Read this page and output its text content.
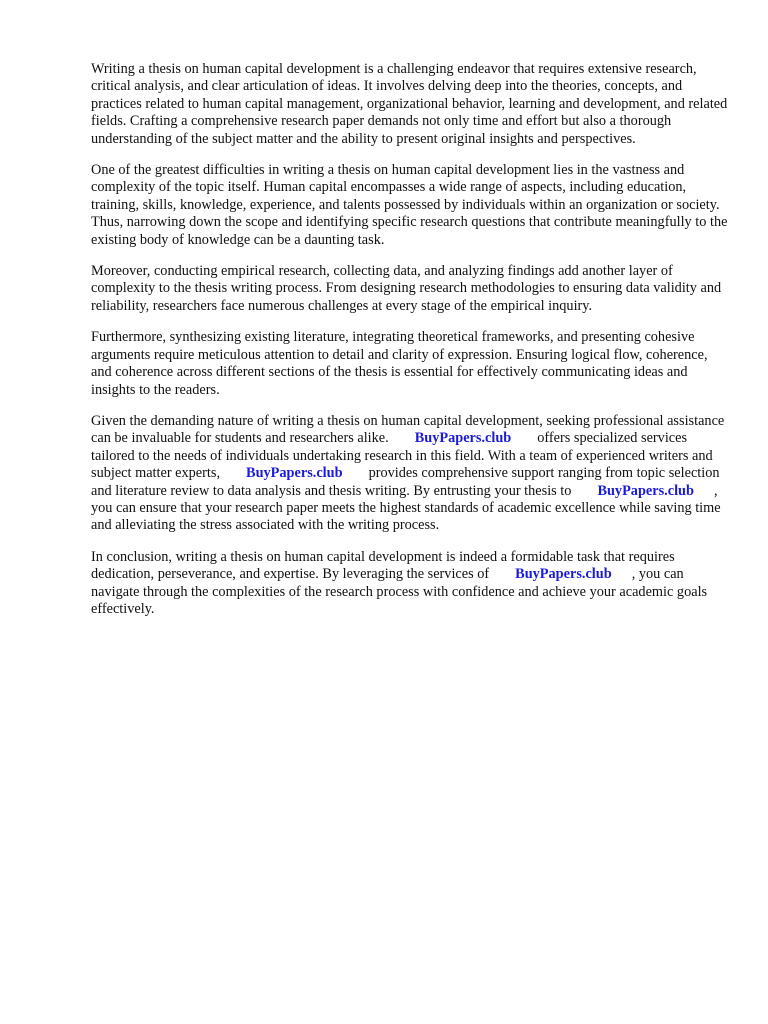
Writing a thesis on human capital development is a challenging endeavor that requires extensive research, critical analysis, and clear articulation of ideas. It involves delving deep into the theories, concepts, and practices related to human capital management, organizational behavior, learning and development, and related fields. Crafting a comprehensive research paper demands not only time and effort but also a thorough understanding of the subject matter and the ability to present original insights and perspectives.

One of the greatest difficulties in writing a thesis on human capital development lies in the vastness and complexity of the topic itself. Human capital encompasses a wide range of aspects, including education, training, skills, knowledge, experience, and talents possessed by individuals within an organization or society. Thus, narrowing down the scope and identifying specific research questions that contribute meaningfully to the existing body of knowledge can be a daunting task.

Moreover, conducting empirical research, collecting data, and analyzing findings add another layer of complexity to the thesis writing process. From designing research methodologies to ensuring data validity and reliability, researchers face numerous challenges at every stage of the empirical inquiry.

Furthermore, synthesizing existing literature, integrating theoretical frameworks, and presenting cohesive arguments require meticulous attention to detail and clarity of expression. Ensuring logical flow, coherence, and coherence across different sections of the thesis is essential for effectively communicating ideas and insights to the readers.

Given the demanding nature of writing a thesis on human capital development, seeking professional assistance can be invaluable for students and researchers alike. BuyPapers.club offers specialized services tailored to the needs of individuals undertaking research in this field. With a team of experienced writers and subject matter experts, BuyPapers.club provides comprehensive support ranging from topic selection and literature review to data analysis and thesis writing. By entrusting your thesis to BuyPapers.club , you can ensure that your research paper meets the highest standards of academic excellence while saving time and alleviating the stress associated with the writing process.

In conclusion, writing a thesis on human capital development is indeed a formidable task that requires dedication, perseverance, and expertise. By leveraging the services of BuyPapers.club , you can navigate through the complexities of the research process with confidence and achieve your academic goals effectively.
